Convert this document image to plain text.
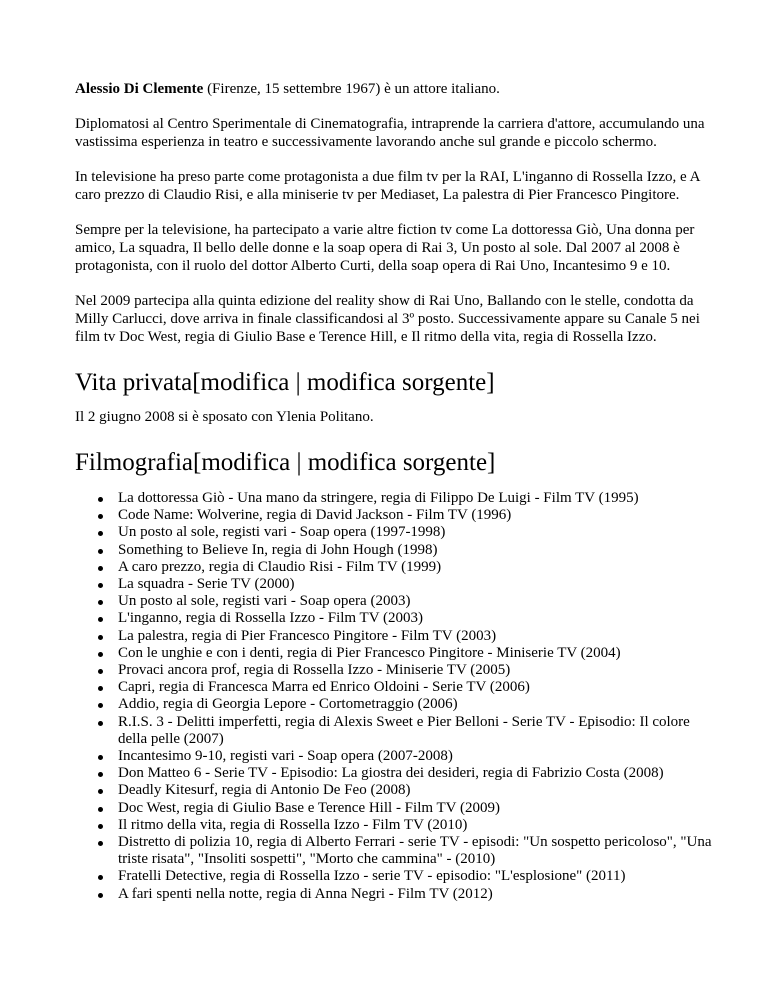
Alessio Di Clemente (Firenze, 15 settembre 1967) è un attore italiano.

Diplomatosi al Centro Sperimentale di Cinematografia, intraprende la carriera d'attore, accumulando una vastissima esperienza in teatro e successivamente lavorando anche sul grande e piccolo schermo.

In televisione ha preso parte come protagonista a due film tv per la RAI, L'inganno di Rossella Izzo, e A caro prezzo di Claudio Risi, e alla miniserie tv per Mediaset, La palestra di Pier Francesco Pingitore.

Sempre per la televisione, ha partecipato a varie altre fiction tv come La dottoressa Giò, Una donna per amico, La squadra, Il bello delle donne e la soap opera di Rai 3, Un posto al sole. Dal 2007 al 2008 è protagonista, con il ruolo del dottor Alberto Curti, della soap opera di Rai Uno, Incantesimo 9 e 10.

Nel 2009 partecipa alla quinta edizione del reality show di Rai Uno, Ballando con le stelle, condotta da Milly Carlucci, dove arriva in finale classificandosi al 3º posto. Successivamente appare su Canale 5 nei film tv Doc West, regia di Giulio Base e Terence Hill, e Il ritmo della vita, regia di Rossella Izzo.

Vita privata[modifica | modifica sorgente]

Il 2 giugno 2008 si è sposato con Ylenia Politano.

Filmografia[modifica | modifica sorgente]
La dottoressa Giò - Una mano da stringere, regia di Filippo De Luigi - Film TV (1995)
Code Name: Wolverine, regia di David Jackson - Film TV (1996)
Un posto al sole, registi vari - Soap opera (1997-1998)
Something to Believe In, regia di John Hough (1998)
A caro prezzo, regia di Claudio Risi - Film TV (1999)
La squadra - Serie TV (2000)
Un posto al sole, registi vari - Soap opera (2003)
L'inganno, regia di Rossella Izzo - Film TV (2003)
La palestra, regia di Pier Francesco Pingitore - Film TV (2003)
Con le unghie e con i denti, regia di Pier Francesco Pingitore - Miniserie TV (2004)
Provaci ancora prof, regia di Rossella Izzo - Miniserie TV (2005)
Capri, regia di Francesca Marra ed Enrico Oldoini - Serie TV (2006)
Addio, regia di Georgia Lepore - Cortometraggio (2006)
R.I.S. 3 - Delitti imperfetti, regia di Alexis Sweet e Pier Belloni - Serie TV - Episodio: Il colore della pelle (2007)
Incantesimo 9-10, registi vari - Soap opera (2007-2008)
Don Matteo 6 - Serie TV - Episodio: La giostra dei desideri, regia di Fabrizio Costa (2008)
Deadly Kitesurf, regia di Antonio De Feo (2008)
Doc West, regia di Giulio Base e Terence Hill - Film TV (2009)
Il ritmo della vita, regia di Rossella Izzo - Film TV (2010)
Distretto di polizia 10, regia di Alberto Ferrari - serie TV - episodi: "Un sospetto pericoloso", "Una triste risata", "Insoliti sospetti", "Morto che cammina" - (2010)
Fratelli Detective, regia di Rossella Izzo - serie TV - episodio: "L'esplosione" (2011)
A fari spenti nella notte, regia di Anna Negri - Film TV (2012)
